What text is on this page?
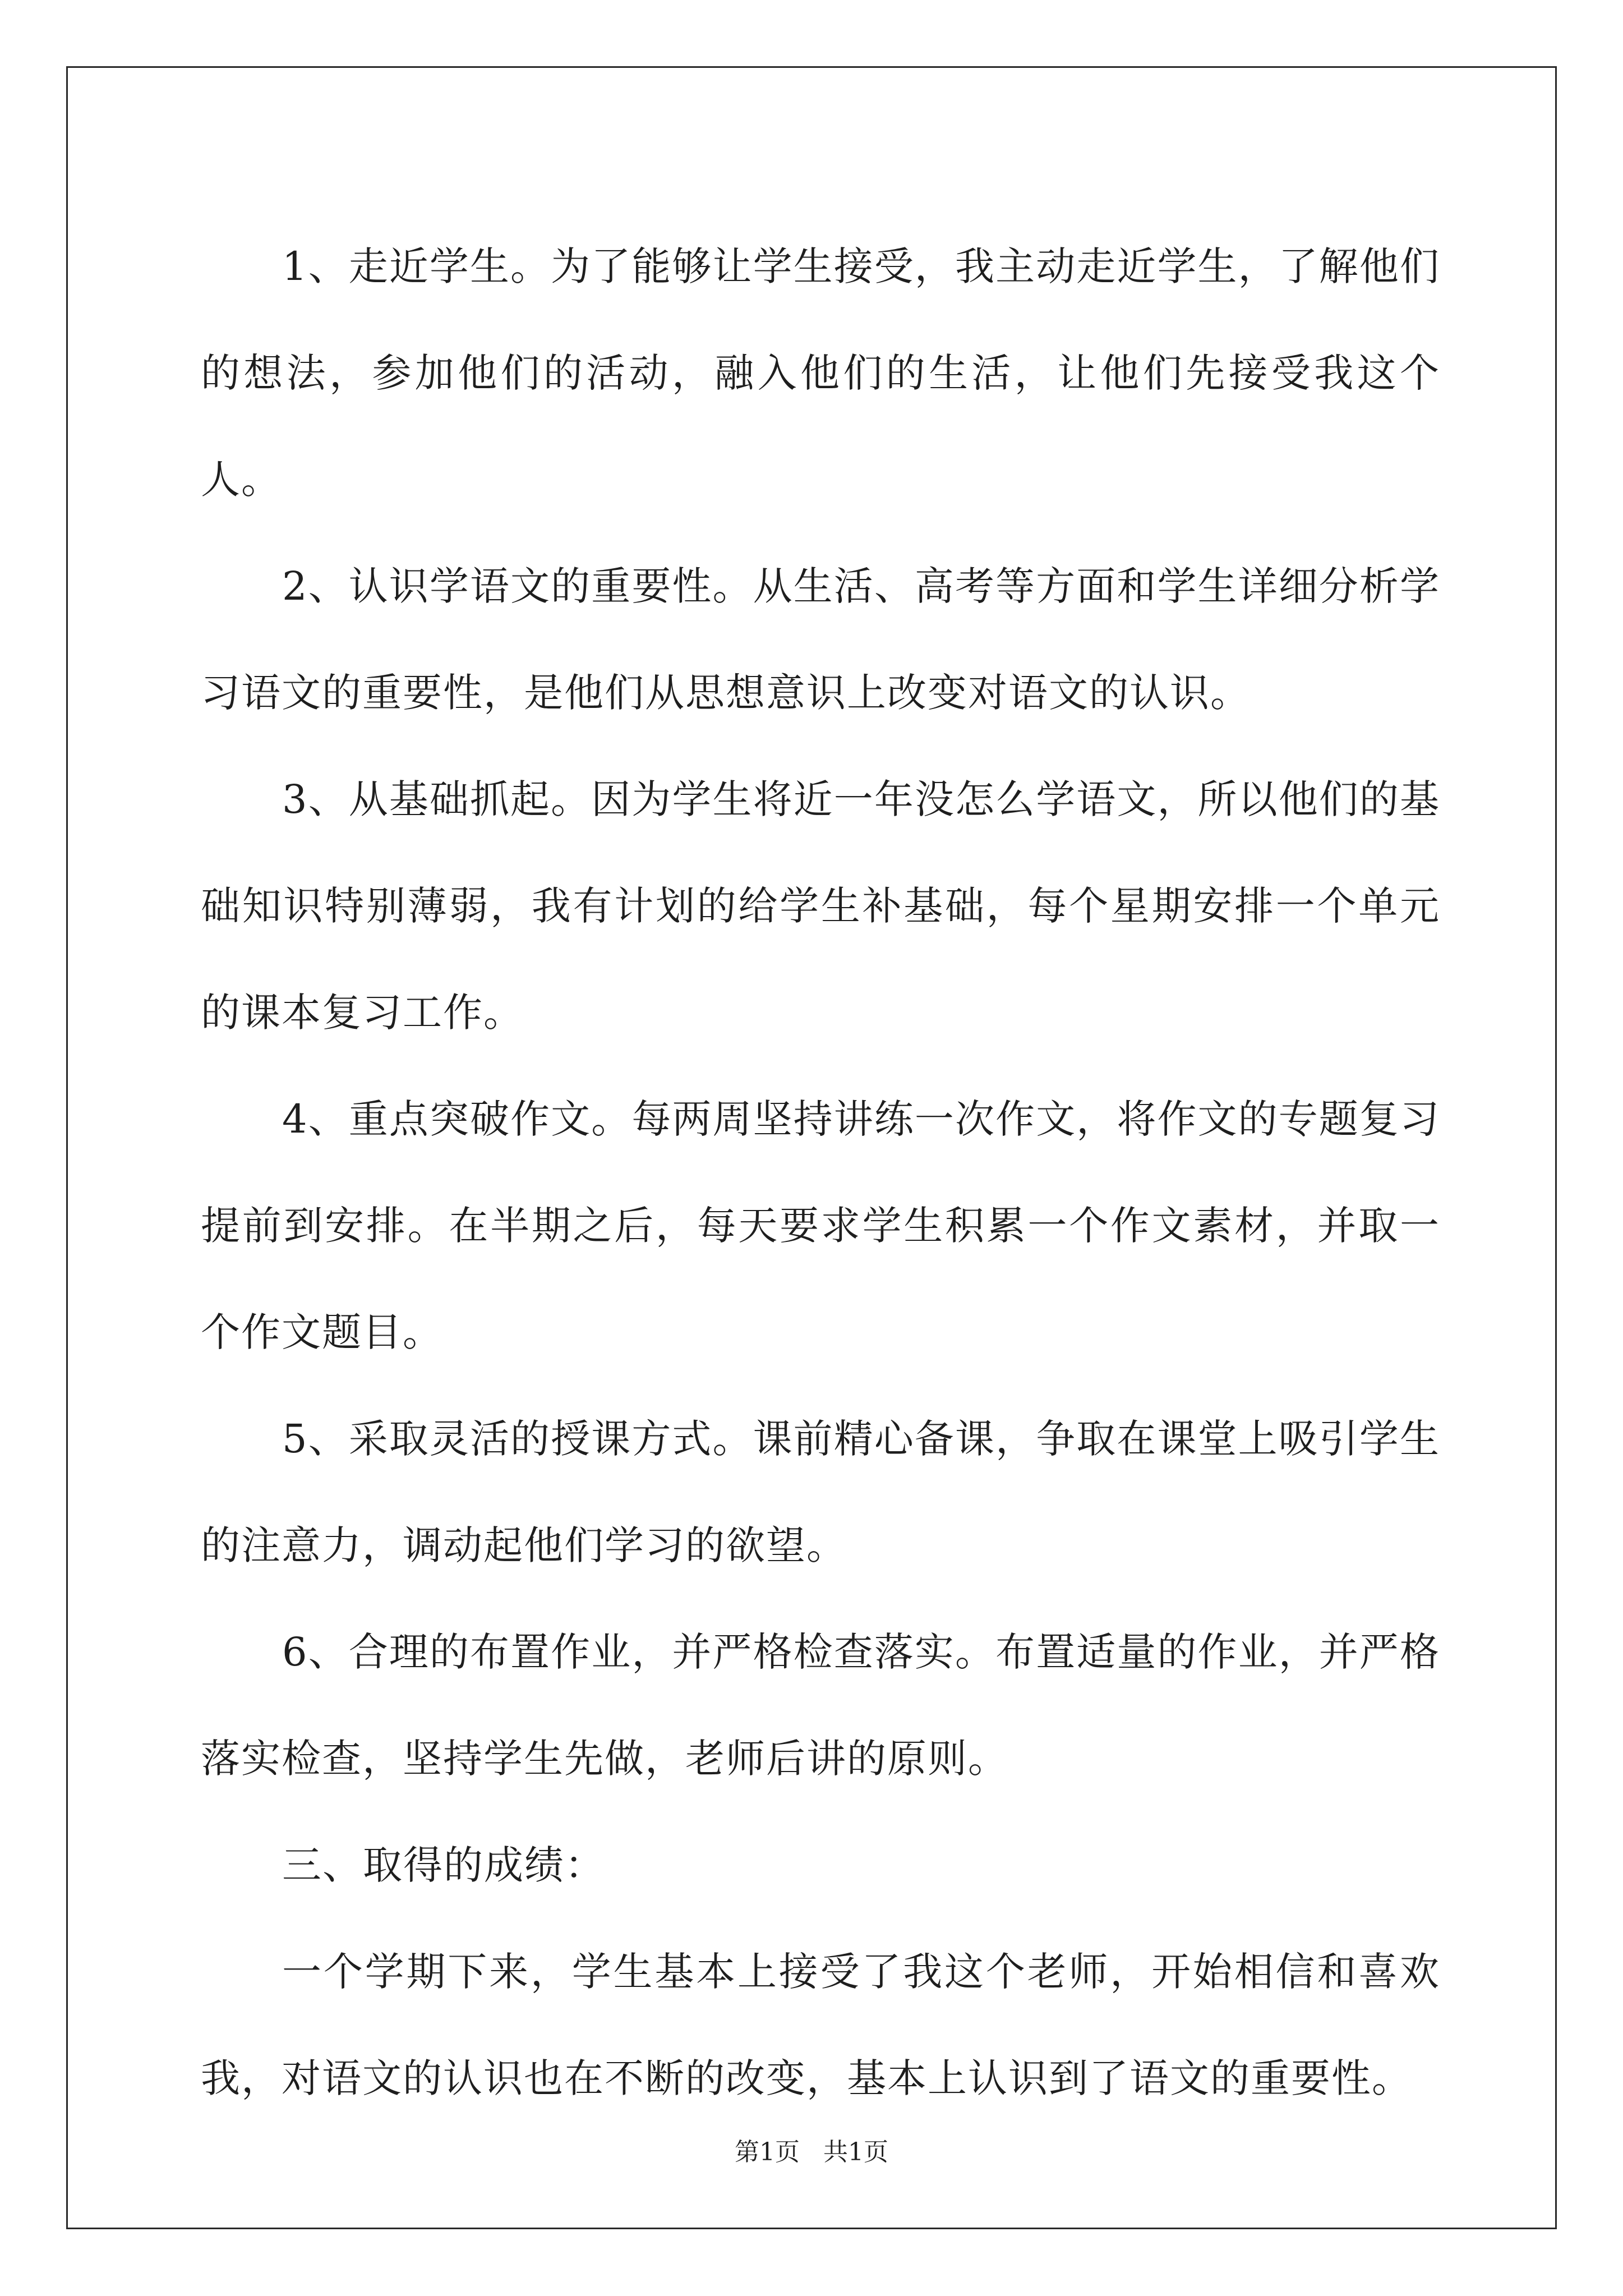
1、走近学生。为了能够让学生接受，我主动走近学生，了解他们的想法，参加他们的活动，融入他们的生活，让他们先接受我这个人。

2、认识学语文的重要性。从生活、高考等方面和学生详细分析学习语文的重要性，是他们从思想意识上改变对语文的认识。

3、从基础抓起。因为学生将近一年没怎么学语文，所以他们的基础知识特别薄弱，我有计划的给学生补基础，每个星期安排一个单元的课本复习工作。

4、重点突破作文。每两周坚持讲练一次作文，将作文的专题复习提前到安排。在半期之后，每天要求学生积累一个作文素材，并取一个作文题目。

5、采取灵活的授课方式。课前精心备课，争取在课堂上吸引学生的注意力，调动起他们学习的欲望。

6、合理的布置作业，并严格检查落实。布置适量的作业，并严格落实检查，坚持学生先做，老师后讲的原则。

三、取得的成绩：

一个学期下来，学生基本上接受了我这个老师，开始相信和喜欢我，对语文的认识也在不断的改变，基本上认识到了语文的重要性。

第1页 共1页
